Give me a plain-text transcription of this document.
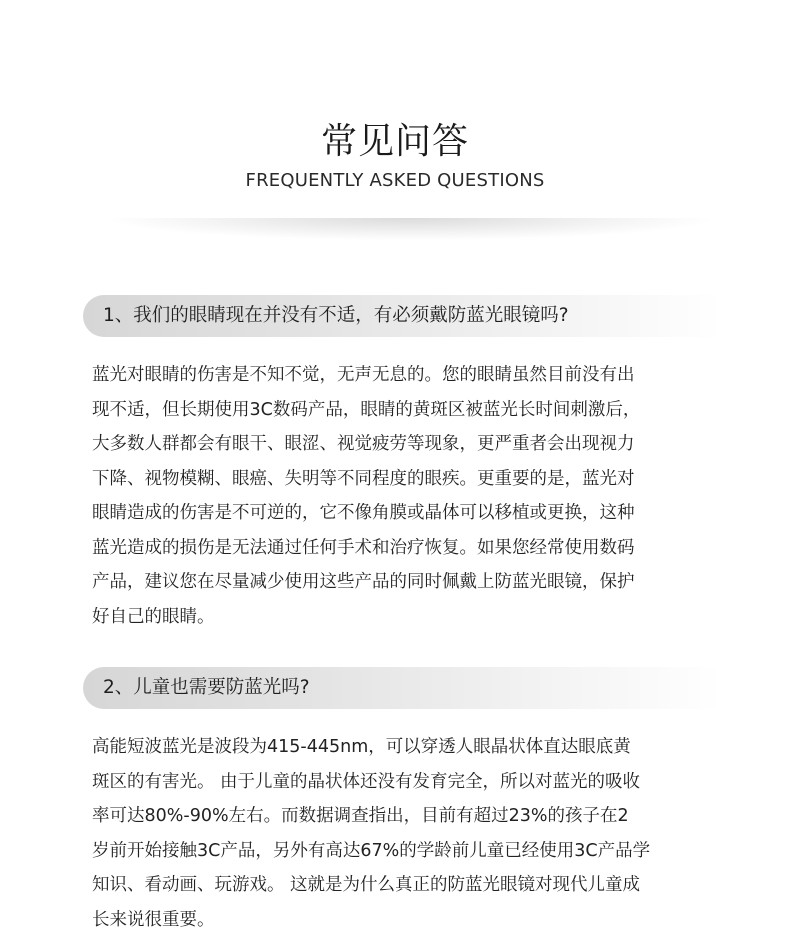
常见问答
FREQUENTLY ASKED QUESTIONS
1、我们的眼睛现在并没有不适，有必须戴防蓝光眼镜吗?
蓝光对眼睛的伤害是不知不觉，无声无息的。您的眼睛虽然目前没有出
现不适，但长期使用3C数码产品，眼睛的黄斑区被蓝光长时间刺激后，
大多数人群都会有眼干、眼涩、视觉疲劳等现象，更严重者会出现视力
下降、视物模糊、眼癌、失明等不同程度的眼疾。更重要的是，蓝光对
眼睛造成的伤害是不可逆的，它不像角膜或晶体可以移植或更换，这种
蓝光造成的损伤是无法通过任何手术和治疗恢复。如果您经常使用数码
产品，建议您在尽量减少使用这些产品的同时佩戴上防蓝光眼镜，保护
好自己的眼睛。
2、儿童也需要防蓝光吗?
高能短波蓝光是波段为415-445nm，可以穿透人眼晶状体直达眼底黄
斑区的有害光。 由于儿童的晶状体还没有发育完全，所以对蓝光的吸收
率可达80%-90%左右。而数据调查指出，目前有超过23%的孩子在2
岁前开始接触3C产品，另外有高达67%的学龄前儿童已经使用3C产品学
知识、看动画、玩游戏。 这就是为什么真正的防蓝光眼镜对现代儿童成
长来说很重要。
